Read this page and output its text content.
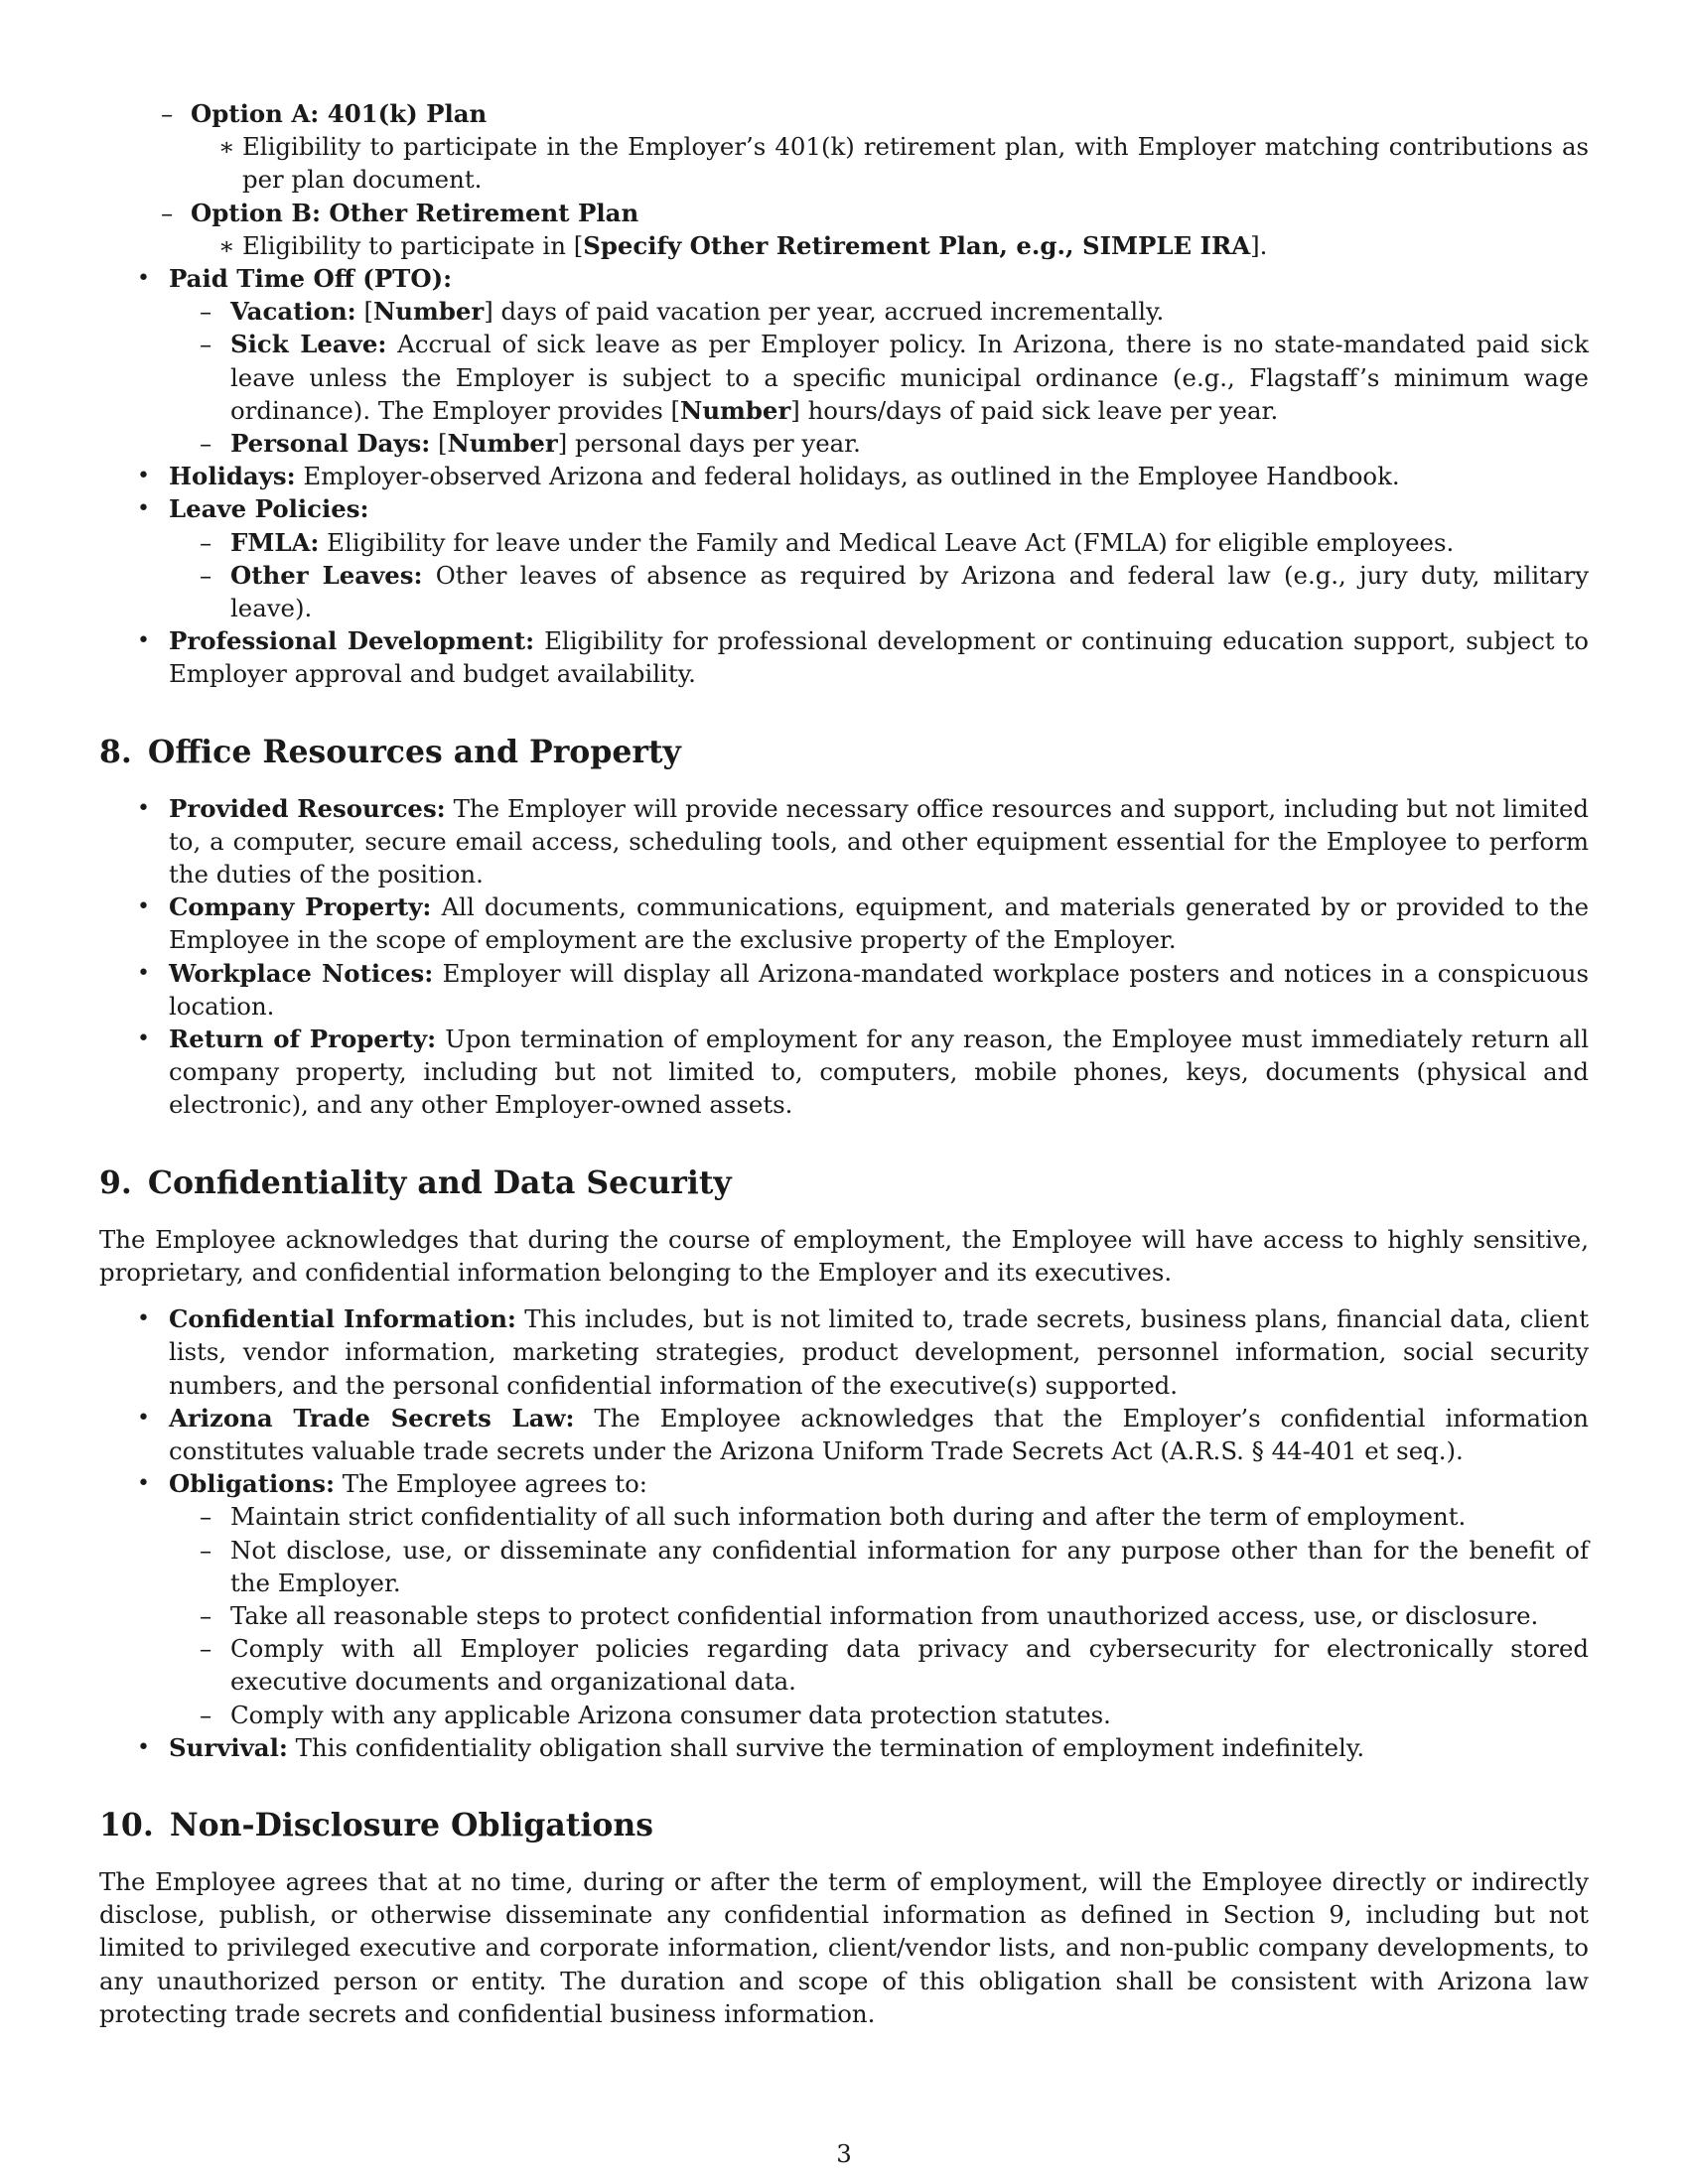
– Option A: 401(k) Plan
∗ Eligibility to participate in the Employer’s 401(k) retirement plan, with Employer matching contributions as per plan document.
– Option B: Other Retirement Plan
∗ Eligibility to participate in [Specify Other Retirement Plan, e.g., SIMPLE IRA].
• Paid Time Off (PTO):
– Vacation: [Number] days of paid vacation per year, accrued incrementally.
– Sick Leave: Accrual of sick leave as per Employer policy. In Arizona, there is no state-mandated paid sick leave unless the Employer is subject to a specific municipal ordinance (e.g., Flagstaff’s minimum wage ordinance). The Employer provides [Number] hours/days of paid sick leave per year.
– Personal Days: [Number] personal days per year.
• Holidays: Employer-observed Arizona and federal holidays, as outlined in the Employee Handbook.
• Leave Policies:
– FMLA: Eligibility for leave under the Family and Medical Leave Act (FMLA) for eligible employees.
– Other Leaves: Other leaves of absence as required by Arizona and federal law (e.g., jury duty, military leave).
• Professional Development: Eligibility for professional development or continuing education support, subject to Employer approval and budget availability.
8. Office Resources and Property
• Provided Resources: The Employer will provide necessary office resources and support, including but not limited to, a computer, secure email access, scheduling tools, and other equipment essential for the Employee to perform the duties of the position.
• Company Property: All documents, communications, equipment, and materials generated by or provided to the Employee in the scope of employment are the exclusive property of the Employer.
• Workplace Notices: Employer will display all Arizona-mandated workplace posters and notices in a conspicuous location.
• Return of Property: Upon termination of employment for any reason, the Employee must immediately return all company property, including but not limited to, computers, mobile phones, keys, documents (physical and electronic), and any other Employer-owned assets.
9. Confidentiality and Data Security

The Employee acknowledges that during the course of employment, the Employee will have access to highly sensitive, proprietary, and confidential information belonging to the Employer and its executives.

• Confidential Information: This includes, but is not limited to, trade secrets, business plans, financial data, client lists, vendor information, marketing strategies, product development, personnel information, social security numbers, and the personal confidential information of the executive(s) supported.
• Arizona Trade Secrets Law: The Employee acknowledges that the Employer’s confidential information constitutes valuable trade secrets under the Arizona Uniform Trade Secrets Act (A.R.S. § 44-401 et seq.).
• Obligations: The Employee agrees to:
– Maintain strict confidentiality of all such information both during and after the term of employment.
– Not disclose, use, or disseminate any confidential information for any purpose other than for the benefit of the Employer.
– Take all reasonable steps to protect confidential information from unauthorized access, use, or disclosure.
– Comply with all Employer policies regarding data privacy and cybersecurity for electronically stored executive documents and organizational data.
– Comply with any applicable Arizona consumer data protection statutes.
• Survival: This confidentiality obligation shall survive the termination of employment indefinitely.
10. Non-Disclosure Obligations

The Employee agrees that at no time, during or after the term of employment, will the Employee directly or indirectly disclose, publish, or otherwise disseminate any confidential information as defined in Section 9, including but not limited to privileged executive and corporate information, client/vendor lists, and non-public company developments, to any unauthorized person or entity. The duration and scope of this obligation shall be consistent with Arizona law protecting trade secrets and confidential business information.

3
